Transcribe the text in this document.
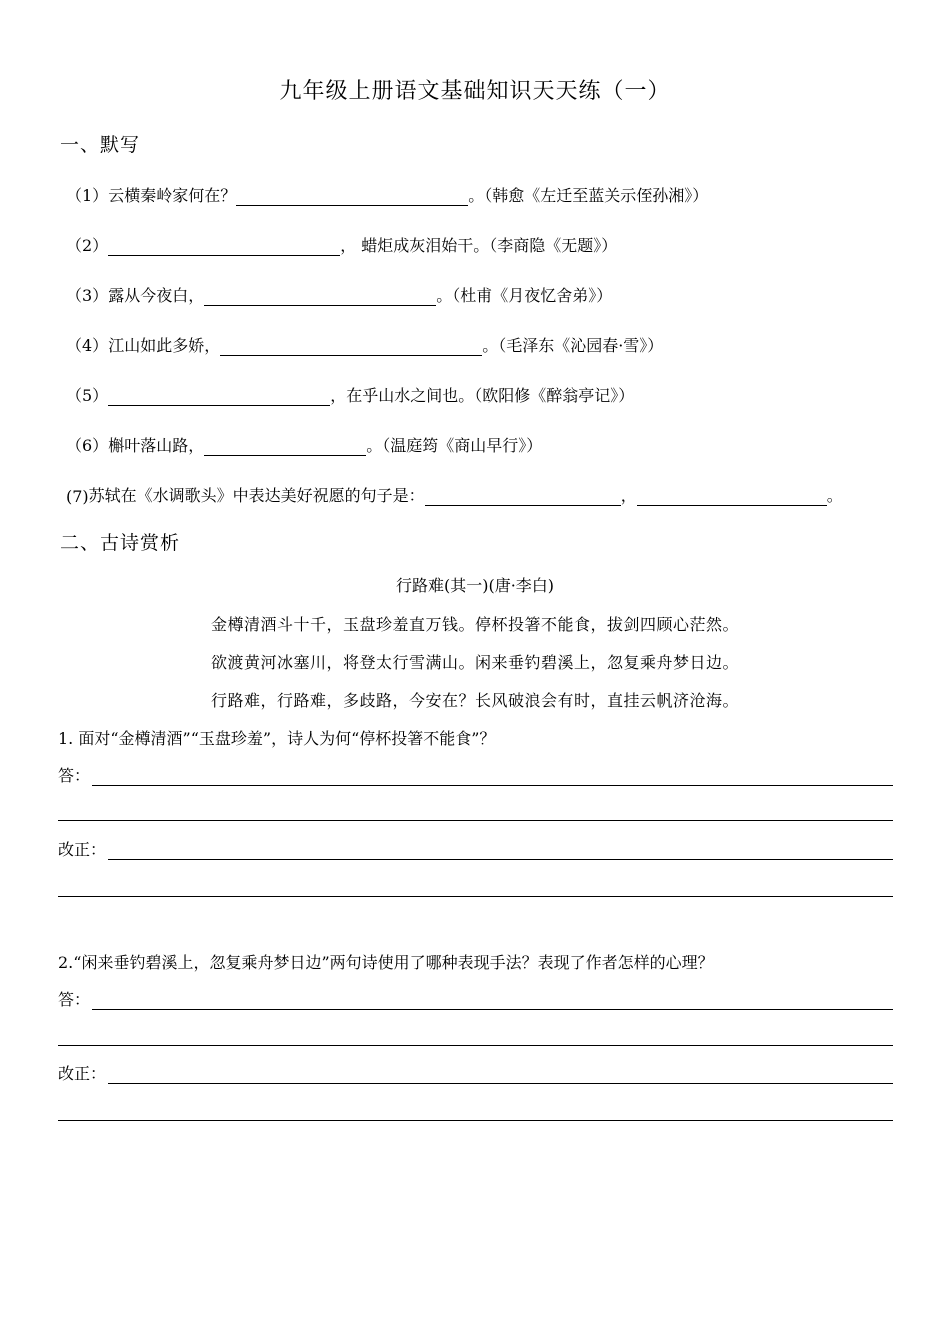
九年级上册语文基础知识天天练（一）
一、默写
（1） 云横秦岭家何在？	。（韩愈《左迁至蓝关示侄孙湘》）
（2）	， 蜡炬成灰泪始干。（李商隐《无题》）
（3） 露从今夜白，	。（杜甫《月夜忆舍弟》）
（4） 江山如此多娇，	。（毛泽东《沁园春·雪》）
（5）	，在乎山水之间也。（欧阳修《醉翁亭记》）
（6） 槲叶落山路，	。（温庭筠《商山早行》）
(7) 苏轼在《水调歌头》中表达美好祝愿的句子是：	，	。
二、古诗赏析
行路难(其一)(唐·李白)
金樽清酒斗十千，玉盘珍羞直万钱。停杯投箸不能食，拔剑四顾心茫然。
欲渡黄河冰塞川，将登太行雪满山。闲来垂钓碧溪上，忽复乘舟梦日边。
行路难，行路难，多歧路，今安在？长风破浪会有时，直挂云帆济沧海。
1. 面对“金樽清酒”“玉盘珍羞”，诗人为何“停杯投箸不能食”？
答：
改正：
2.“闲来垂钓碧溪上，忽复乘舟梦日边”两句诗使用了哪种表现手法？表现了作者怎样的心理？
答：
改正：
